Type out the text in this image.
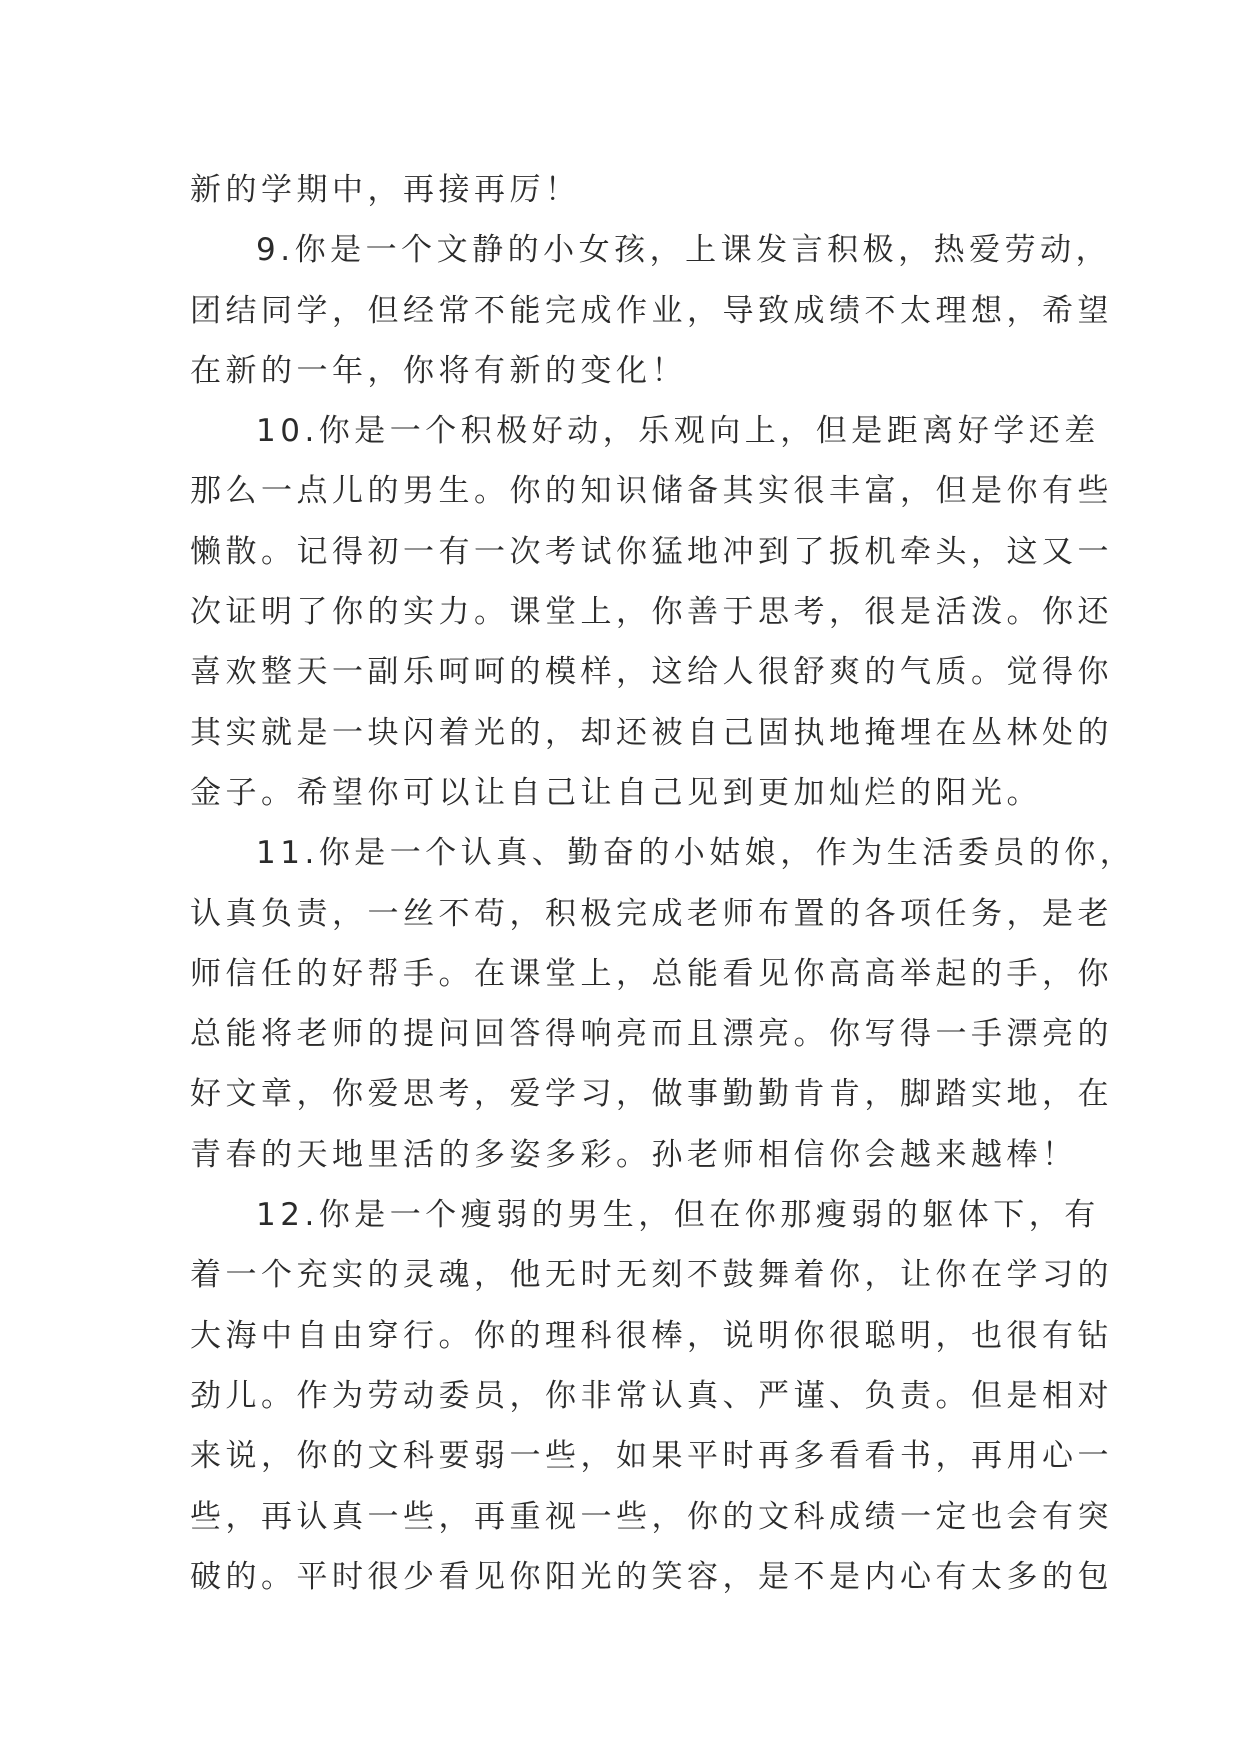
新的学期中，再接再厉！
9.你是一个文静的小女孩，上课发言积极，热爱劳动，
团结同学，但经常不能完成作业，导致成绩不太理想，希望
在新的一年，你将有新的变化！
10.你是一个积极好动，乐观向上，但是距离好学还差
那么一点儿的男生。你的知识储备其实很丰富，但是你有些
懒散。记得初一有一次考试你猛地冲到了扳机牵头，这又一
次证明了你的实力。课堂上，你善于思考，很是活泼。你还
喜欢整天一副乐呵呵的模样，这给人很舒爽的气质。觉得你
其实就是一块闪着光的，却还被自己固执地掩埋在丛林处的
金子。希望你可以让自己让自己见到更加灿烂的阳光。
11.你是一个认真、勤奋的小姑娘，作为生活委员的你，
认真负责，一丝不苟，积极完成老师布置的各项任务，是老
师信任的好帮手。在课堂上，总能看见你高高举起的手，你
总能将老师的提问回答得响亮而且漂亮。你写得一手漂亮的
好文章，你爱思考，爱学习，做事勤勤肯肯，脚踏实地，在
青春的天地里活的多姿多彩。孙老师相信你会越来越棒！
12.你是一个瘦弱的男生，但在你那瘦弱的躯体下，有
着一个充实的灵魂，他无时无刻不鼓舞着你，让你在学习的
大海中自由穿行。你的理科很棒，说明你很聪明，也很有钻
劲儿。作为劳动委员，你非常认真、严谨、负责。但是相对
来说，你的文科要弱一些，如果平时再多看看书，再用心一
些，再认真一些，再重视一些，你的文科成绩一定也会有突
破的。平时很少看见你阳光的笑容，是不是内心有太多的包
